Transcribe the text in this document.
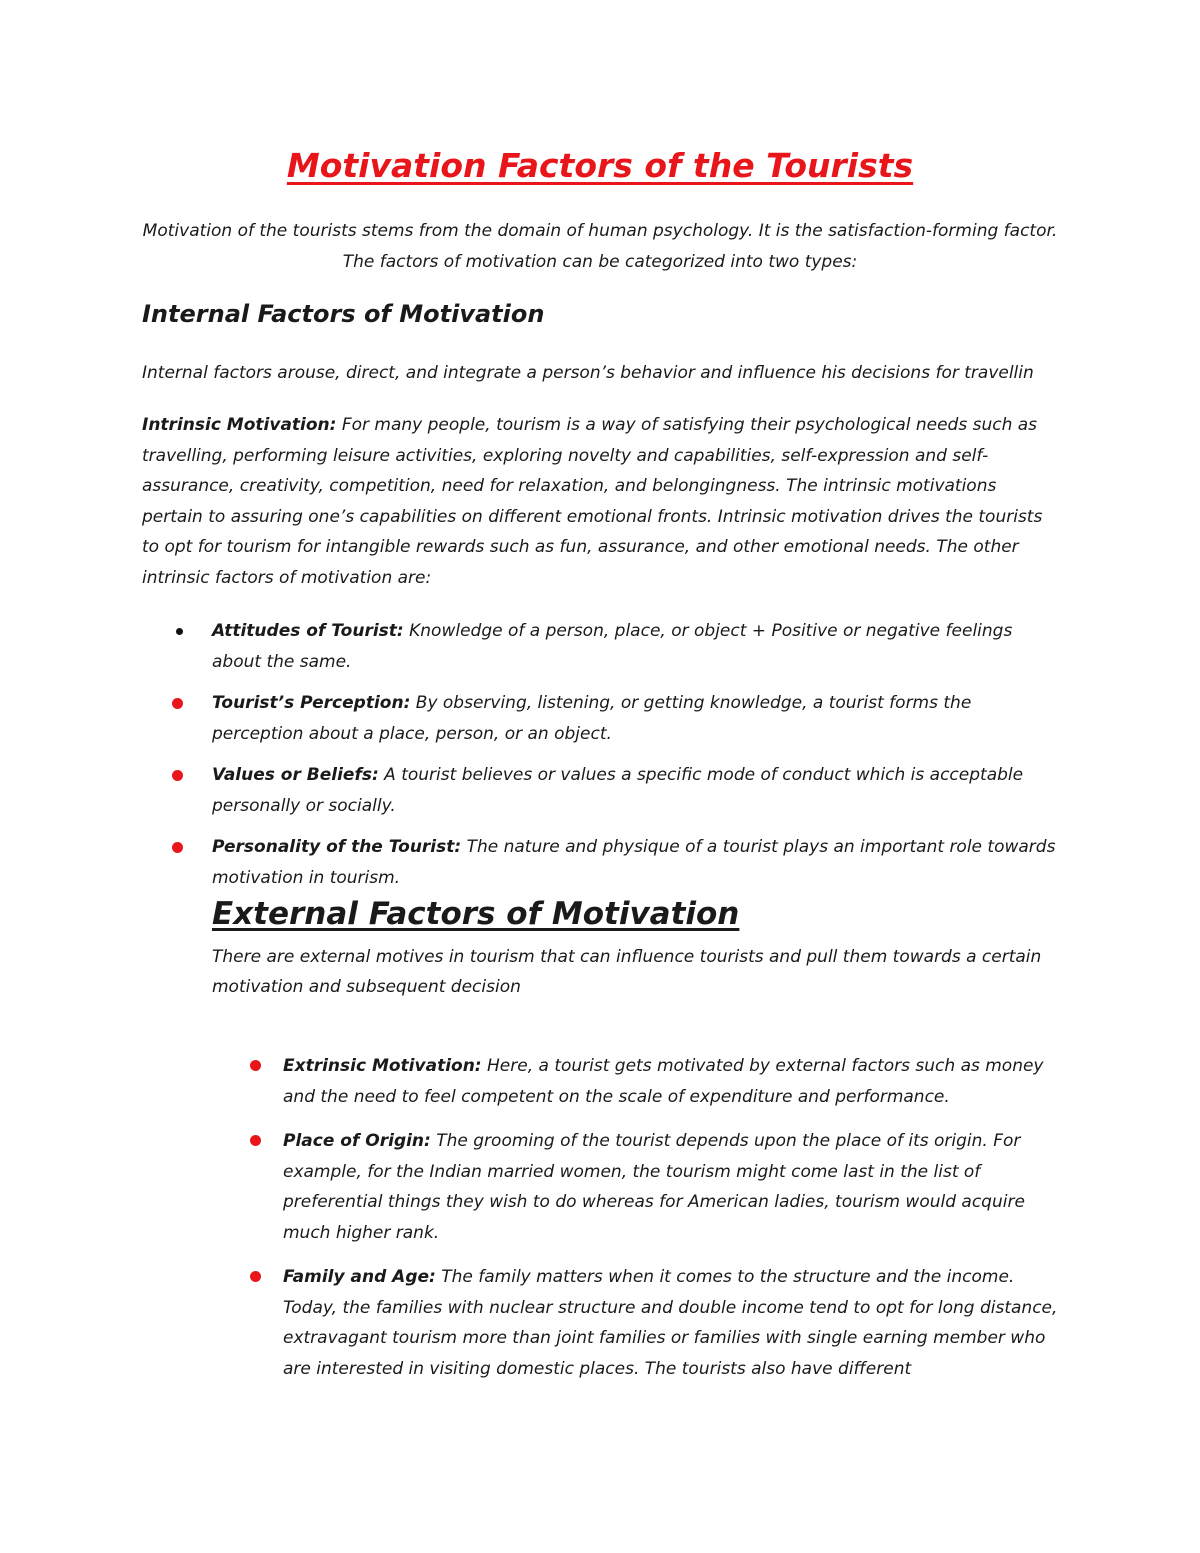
Motivation Factors of the Tourists

Motivation of the tourists stems from the domain of human psychology. It is the satisfaction-forming factor. The factors of motivation can be categorized into two types:

Internal Factors of Motivation

Internal factors arouse, direct, and integrate a person’s behavior and influence his decisions for travellin

Intrinsic Motivation: For many people, tourism is a way of satisfying their psychological needs such as travelling, performing leisure activities, exploring novelty and capabilities, self-expression and self-assurance, creativity, competition, need for relaxation, and belongingness. The intrinsic motivations pertain to assuring one’s capabilities on different emotional fronts. Intrinsic motivation drives the tourists to opt for tourism for intangible rewards such as fun, assurance, and other emotional needs. The other intrinsic factors of motivation are:

Attitudes of Tourist: Knowledge of a person, place, or object + Positive or negative feelings about the same.
Tourist’s Perception: By observing, listening, or getting knowledge, a tourist forms the perception about a place, person, or an object.
Values or Beliefs: A tourist believes or values a specific mode of conduct which is acceptable personally or socially.
Personality of the Tourist: The nature and physique of a tourist plays an important role towards motivation in tourism.
External Factors of Motivation

There are external motives in tourism that can influence tourists and pull them towards a certain motivation and subsequent decision

Extrinsic Motivation: Here, a tourist gets motivated by external factors such as money and the need to feel competent on the scale of expenditure and performance.
Place of Origin: The grooming of the tourist depends upon the place of its origin. For example, for the Indian married women, the tourism might come last in the list of preferential things they wish to do whereas for American ladies, tourism would acquire much higher rank.
Family and Age: The family matters when it comes to the structure and the income. Today, the families with nuclear structure and double income tend to opt for long distance, extravagant tourism more than joint families or families with single earning member who are interested in visiting domestic places. The tourists also have different
